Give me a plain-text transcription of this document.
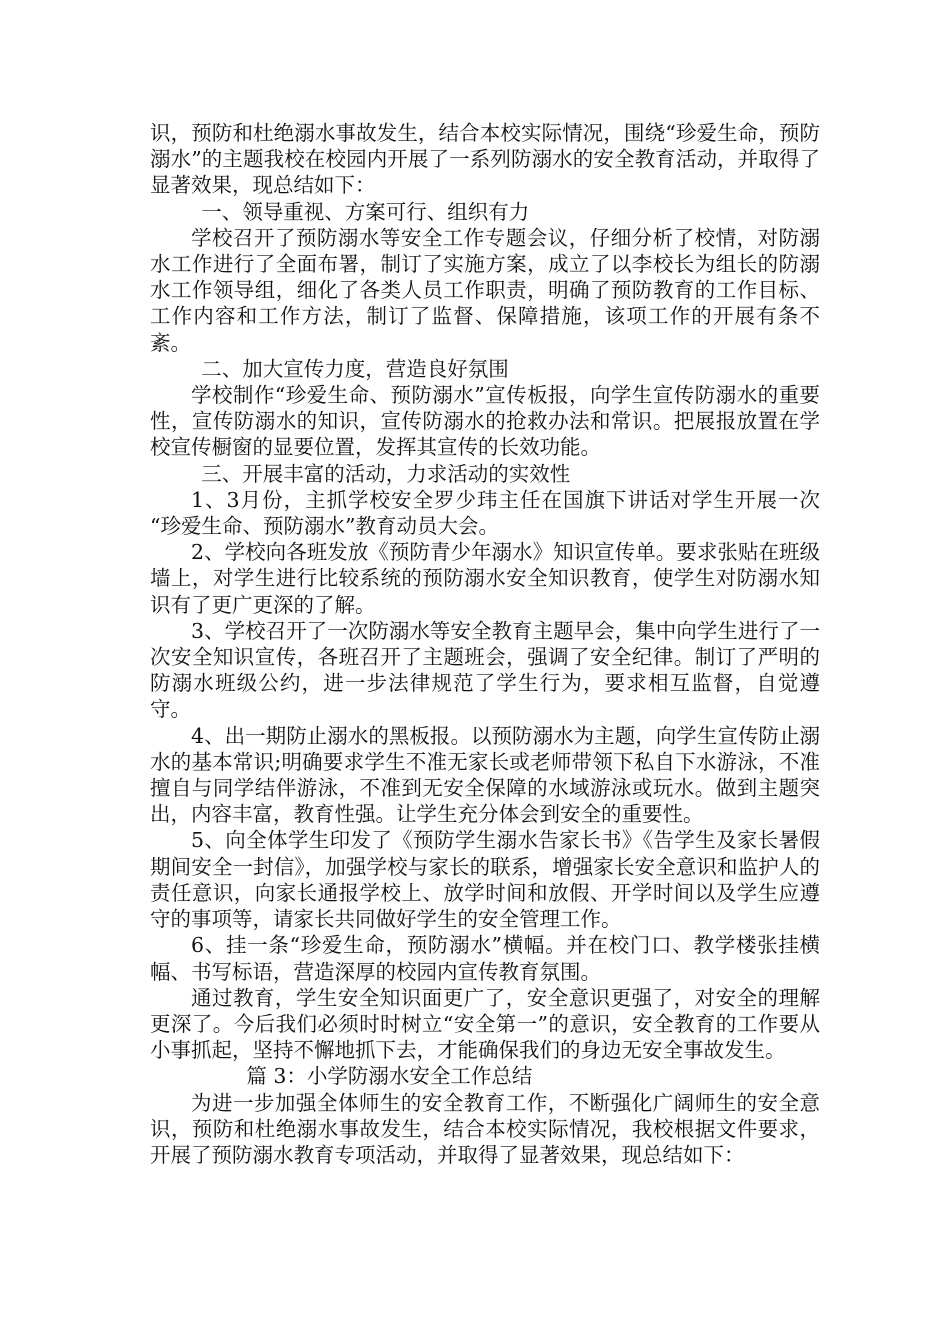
识，预防和杜绝溺水事故发生，结合本校实际情况，围绕“珍爱生命，预防溺水”的主题我校在校园内开展了一系列防溺水的安全教育活动，并取得了显著效果，现总结如下：

一、领导重视、方案可行、组织有力

学校召开了预防溺水等安全工作专题会议，仔细分析了校情，对防溺水工作进行了全面布署，制订了实施方案，成立了以李校长为组长的防溺水工作领导组，细化了各类人员工作职责，明确了预防教育的工作目标、工作内容和工作方法，制订了监督、保障措施，该项工作的开展有条不紊。

二、加大宣传力度，营造良好氛围

学校制作“珍爱生命、预防溺水”宣传板报，向学生宣传防溺水的重要性，宣传防溺水的知识，宣传防溺水的抢救办法和常识。把展报放置在学校宣传橱窗的显要位置，发挥其宣传的长效功能。

三、开展丰富的活动，力求活动的实效性

1、3月份，主抓学校安全罗少玮主任在国旗下讲话对学生开展一次 “珍爱生命、预防溺水”教育动员大会。

2、学校向各班发放《预防青少年溺水》知识宣传单。要求张贴在班级墙上，对学生进行比较系统的预防溺水安全知识教育，使学生对防溺水知识有了更广更深的了解。

3、学校召开了一次防溺水等安全教育主题早会，集中向学生进行了一次安全知识宣传，各班召开了主题班会，强调了安全纪律。制订了严明的防溺水班级公约，进一步法律规范了学生行为，要求相互监督，自觉遵守。

4、出一期防止溺水的黑板报。以预防溺水为主题，向学生宣传防止溺水的基本常识;明确要求学生不准无家长或老师带领下私自下水游泳，不准擅自与同学结伴游泳，不准到无安全保障的水域游泳或玩水。做到主题突出，内容丰富，教育性强。让学生充分体会到安全的重要性。

5、向全体学生印发了《预防学生溺水告家长书》《告学生及家长暑假期间安全一封信》，加强学校与家长的联系，增强家长安全意识和监护人的责任意识，向家长通报学校上、放学时间和放假、开学时间以及学生应遵守的事项等，请家长共同做好学生的安全管理工作。

6、挂一条“珍爱生命，预防溺水”横幅。并在校门口、教学楼张挂横幅、书写标语，营造深厚的校园内宣传教育氛围。

通过教育，学生安全知识面更广了，安全意识更强了，对安全的理解更深了。今后我们必须时时树立“安全第一”的意识，安全教育的工作要从小事抓起，坚持不懈地抓下去，才能确保我们的身边无安全事故发生。

篇 3：小学防溺水安全工作总结

为进一步加强全体师生的安全教育工作，不断强化广阔师生的安全意识，预防和杜绝溺水事故发生，结合本校实际情况，我校根据文件要求，开展了预防溺水教育专项活动，并取得了显著效果，现总结如下：
